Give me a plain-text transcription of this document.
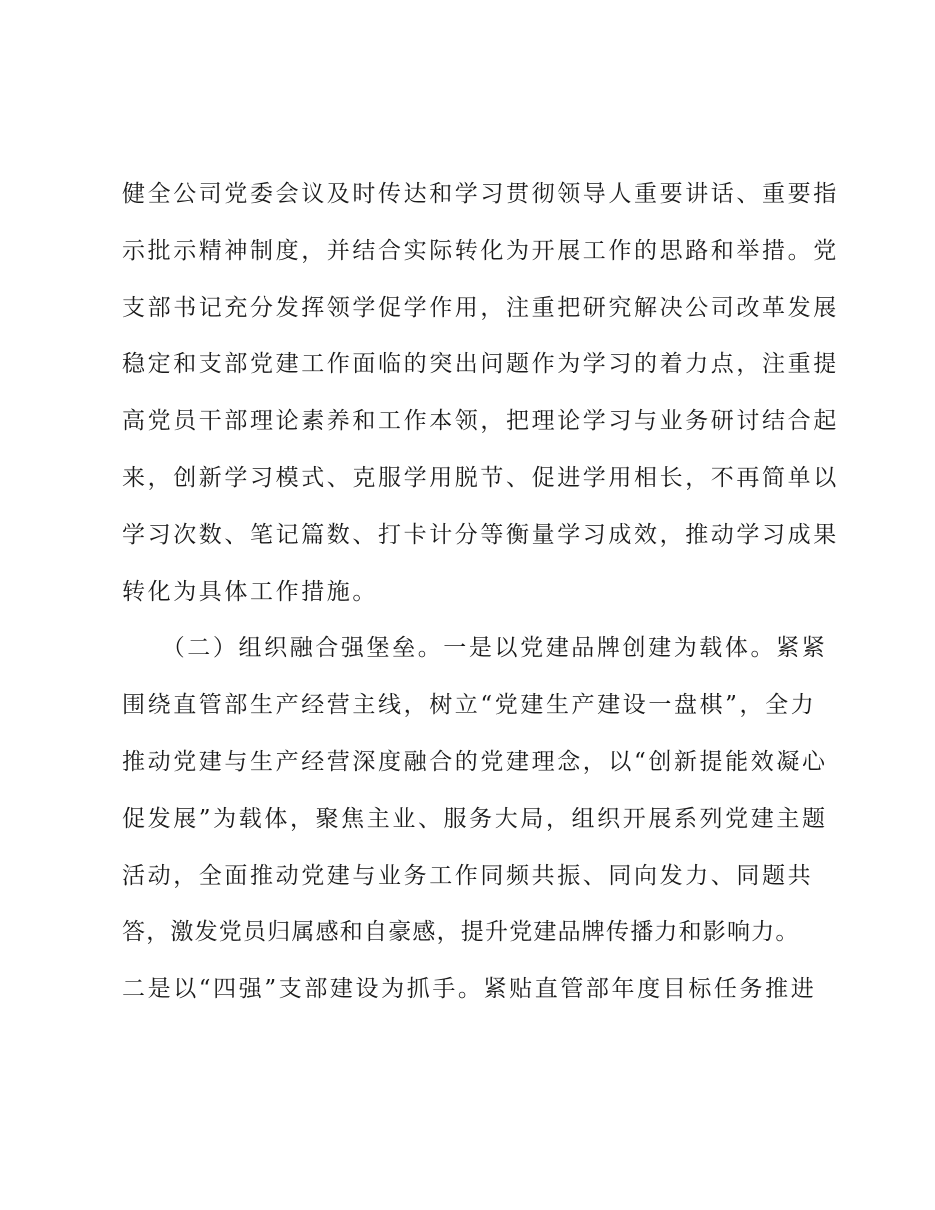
健全公司党委会议及时传达和学习贯彻领导人重要讲话、重要指
示批示精神制度，并结合实际转化为开展工作的思路和举措。党
支部书记充分发挥领学促学作用，注重把研究解决公司改革发展
稳定和支部党建工作面临的突出问题作为学习的着力点，注重提
高党员干部理论素养和工作本领，把理论学习与业务研讨结合起
来，创新学习模式、克服学用脱节、促进学用相长，不再简单以
学习次数、笔记篇数、打卡计分等衡量学习成效，推动学习成果
转化为具体工作措施。
　　（二）组织融合强堡垒。一是以党建品牌创建为载体。紧紧
围绕直管部生产经营主线，树立“党建生产建设一盘棋”，全力
推动党建与生产经营深度融合的党建理念，以“创新提能效凝心
促发展”为载体，聚焦主业、服务大局，组织开展系列党建主题
活动，全面推动党建与业务工作同频共振、同向发力、同题共
答，激发党员归属感和自豪感，提升党建品牌传播力和影响力。
二是以“四强”支部建设为抓手。紧贴直管部年度目标任务推进
